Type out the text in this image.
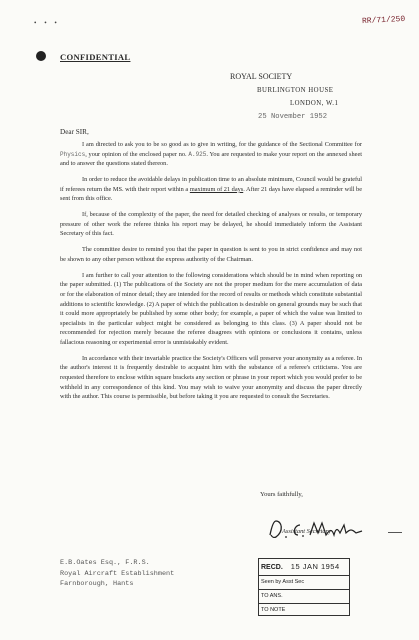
RR/71/250
• • •
CONFIDENTIAL
ROYAL SOCIETY
BURLINGTON HOUSE
LONDON, W.1
25 November 1952
Dear SIR,

I am directed to ask you to be so good as to give in writing, for the guidance of the Sectional Committee for Physics, your opinion of the enclosed paper no. A.925. You are requested to make your report on the annexed sheet and to answer the questions stated thereon.

In order to reduce the avoidable delays in publication time to an absolute minimum, Council would be grateful if referees return the MS. with their report within a maximum of 21 days. After 21 days have elapsed a reminder will be sent from this office.

If, because of the complexity of the paper, the need for detailed checking of analyses or results, or temporary pressure of other work the referee thinks his report may be delayed, he should immediately inform the Assistant Secretary of this fact.

The committee desire to remind you that the paper in question is sent to you in strict confidence and may not be shown to any other person without the express authority of the Chairman.

I am further to call your attention to the following considerations which should be in mind when reporting on the paper submitted. (1) The publications of the Society are not the proper medium for the mere accumulation of data or for the elaboration of minor detail; they are intended for the record of results or methods which constitute substantial additions to scientific knowledge. (2) A paper of which the publication is desirable on general grounds may be such that it could more appropriately be published by some other body; for example, a paper of which the value was limited to specialists in the particular subject might be considered as belonging to this class. (3) A paper should not be recommended for rejection merely because the referee disagrees with opinions or conclusions it contains, unless fallacious reasoning or experimental error is unmistakably evident.

In accordance with their invariable practice the Society's Officers will preserve your anonymity as a referee. In the author's interest it is frequently desirable to acquaint him with the substance of a referee's criticisms. You are requested therefore to enclose within square brackets any section or phrase in your report which you would prefer to be withheld in any correspondence of this kind. You may wish to waive your anonymity and discuss the paper directly with the author. This course is permissible, but before taking it you are requested to consult the Secretaries.

Yours faithfully,
Assistant Secretary
E.B.Oates Esq., F.R.S.
Royal Aircraft Establishment
Farnborough, Hants
RECD. 15 JAN 1954
Seen by Asst Sec
TO ANS.
TO NOTE
